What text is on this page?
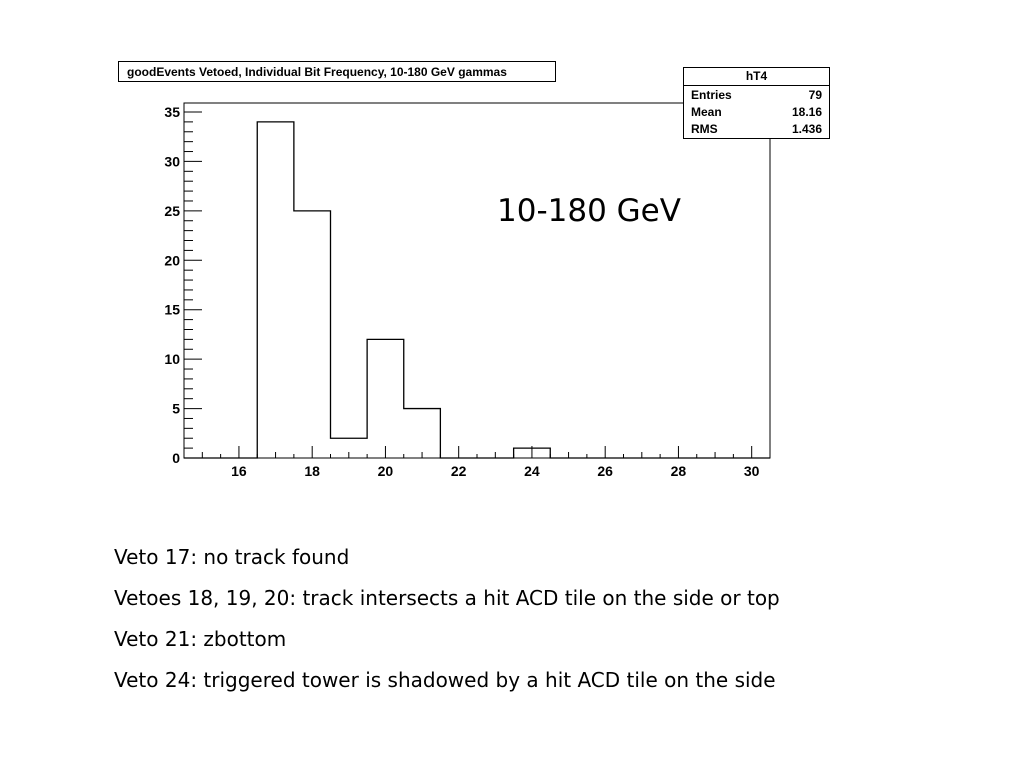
16	18	20	22	24	26	28	30
0
5
10
15
20
25
30
35
goodEvents Vetoed, Individual Bit Frequency, 10-180 GeV gammas	hT4
Entries	79
Mean	18.16
RMS	1.436
10-180 GeV
Veto 17: no track found
Vetoes 18, 19, 20: track intersects a hit ACD tile on the side or top
Veto 21: zbottom
Veto 24: triggered tower is shadowed by a hit ACD tile on the side
